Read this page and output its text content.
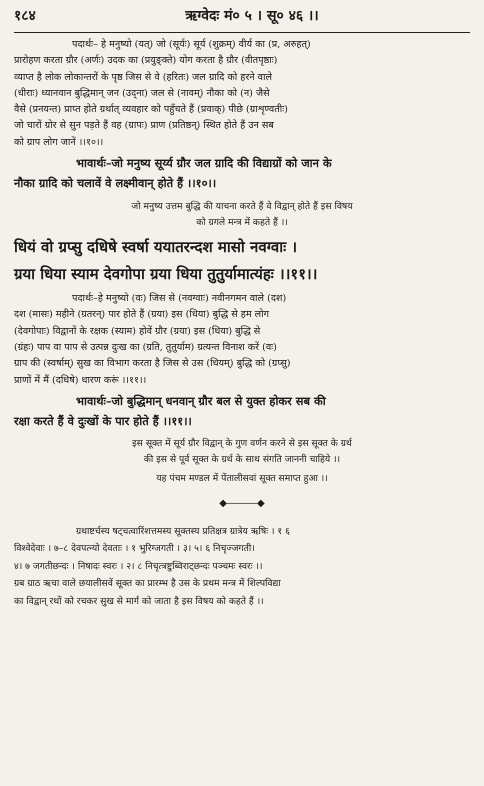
१८४	ऋग्वेदः मं० ५ । सू० ४६ ।।

पदार्थः– हे मनुष्यो (यत्) जो (सूर्यः) सूर्य (शुक्रम्) वीर्य का (प्र, अरुहत्)

प्रारोहण करता ग्रौर (अर्णः) उदक का (प्रयुङ्क्ते) योग करता है ग्रौर (वीतपृष्ठाः)

व्याप्त है लोक लोकान्तरों के पृष्ठ जिस से वे (हरितः) जल ग्रादि को हरने वाले

(धीराः) ध्यानवान बुद्धिमान् जन (उद्ना) जल से (नावम्) नौका को (न) जैसे

वैसे (प्रनयन्त) प्राप्त होते ग्रर्थात् व्यवहार को पहुँचते हैं (प्रवाक्) पीछे (ग्राशृण्वतीः)

जो चारों ग्रोर से सुन पड़ते हैं वह (ग्रापः) प्राण (प्रतिष्ठन्) स्थित होते हैं उन सब

को ग्राप लोग जानें ।।१०।।

भावार्थः–जो मनुष्य सूर्य्य ग्रौर जल ग्रादि की विद्याग्रों को जान के

नौका ग्रादि को चलावें वे लक्ष्मीवान् होते हैं ।।१०।।

जो मनुष्य उत्तम बुद्धि की याचना करते हैं वे विद्वान् होते हैं इस विषय

को ग्रगले मन्त्र में कहते हैं ।।

धियं वो ग्रप्सु दधिषे स्वर्षा ययातरन्दश मासो नवग्वाः ।

ग्रया धिया स्याम देवगोपा ग्रया धिया तुतुर्यामात्यंहः ।।११।।

पदार्थः–हे मनुष्यो (वः) जिस से (नवग्वाः) नवीनगमन वाले (दश)

दश (मासः) महीने (ग्रतरन्) पार होते हैं (ग्रया) इस (धिया) बुद्धि से हम लोग

(देवगोपाः) विद्वानों के रक्षक (स्याम) होवें ग्रौर (ग्रया) इस (धिया) बुद्धि से

(ग्रंहः) पाप वा पाप से उत्पन्न दुःख का (ग्रति, तुतुर्याम) ग्रत्यन्त विनाश करें (वः)

ग्राप की (स्वर्षाम्) सुख का विभाग करता है जिस से उस (धियम्) बुद्धि को (ग्रप्सु)

प्राणों में मैं (दधिषे) धारण करूं ।।११।।

भावार्थः–जो बुद्धिमान् धनवान् ग्रौर बल से युक्त होकर सब की

रक्षा करते हैं वे दुःखों के पार होते हैं ।।११।।

इस सूक्त में सूर्य ग्रौर विद्वान् के गुण वर्णन करने से इस सूक्त के ग्रर्थ

की इस से पूर्व सूक्त के ग्रर्थ के साथ संगति जाननी चाहिये ।।

यह पंचम मण्डल में पेंतालीसवां सूक्त समाप्त हुआ ।।

◆―――◆

ग्रथाष्टर्चस्य षट्चत्वारिंशत्तमस्य सूक्तस्य प्रतिक्षत्र ग्रात्रेय ऋषिः । १ ६

विश्वेदेवाः । ७–८ देवपत्न्यो देवताः । १ भुरिग्जगती । ३। ५। ६ निचृज्जगती।

४। ७ जगतीछन्दः । निषादः स्वरः । २। ८ निचृत्त्रष्टुब्विराट्छन्दः पञ्चमः स्वरः ।।

ग्रब ग्राठ ऋचा वाले छयालीसवें सूक्त का प्रारम्भ है उस के प्रथम मन्त्र में शिल्पविद्या

का विद्वान् रथों को रचकर सुख से मार्ग को जाता है इस विषय को कहते हैं ।।
